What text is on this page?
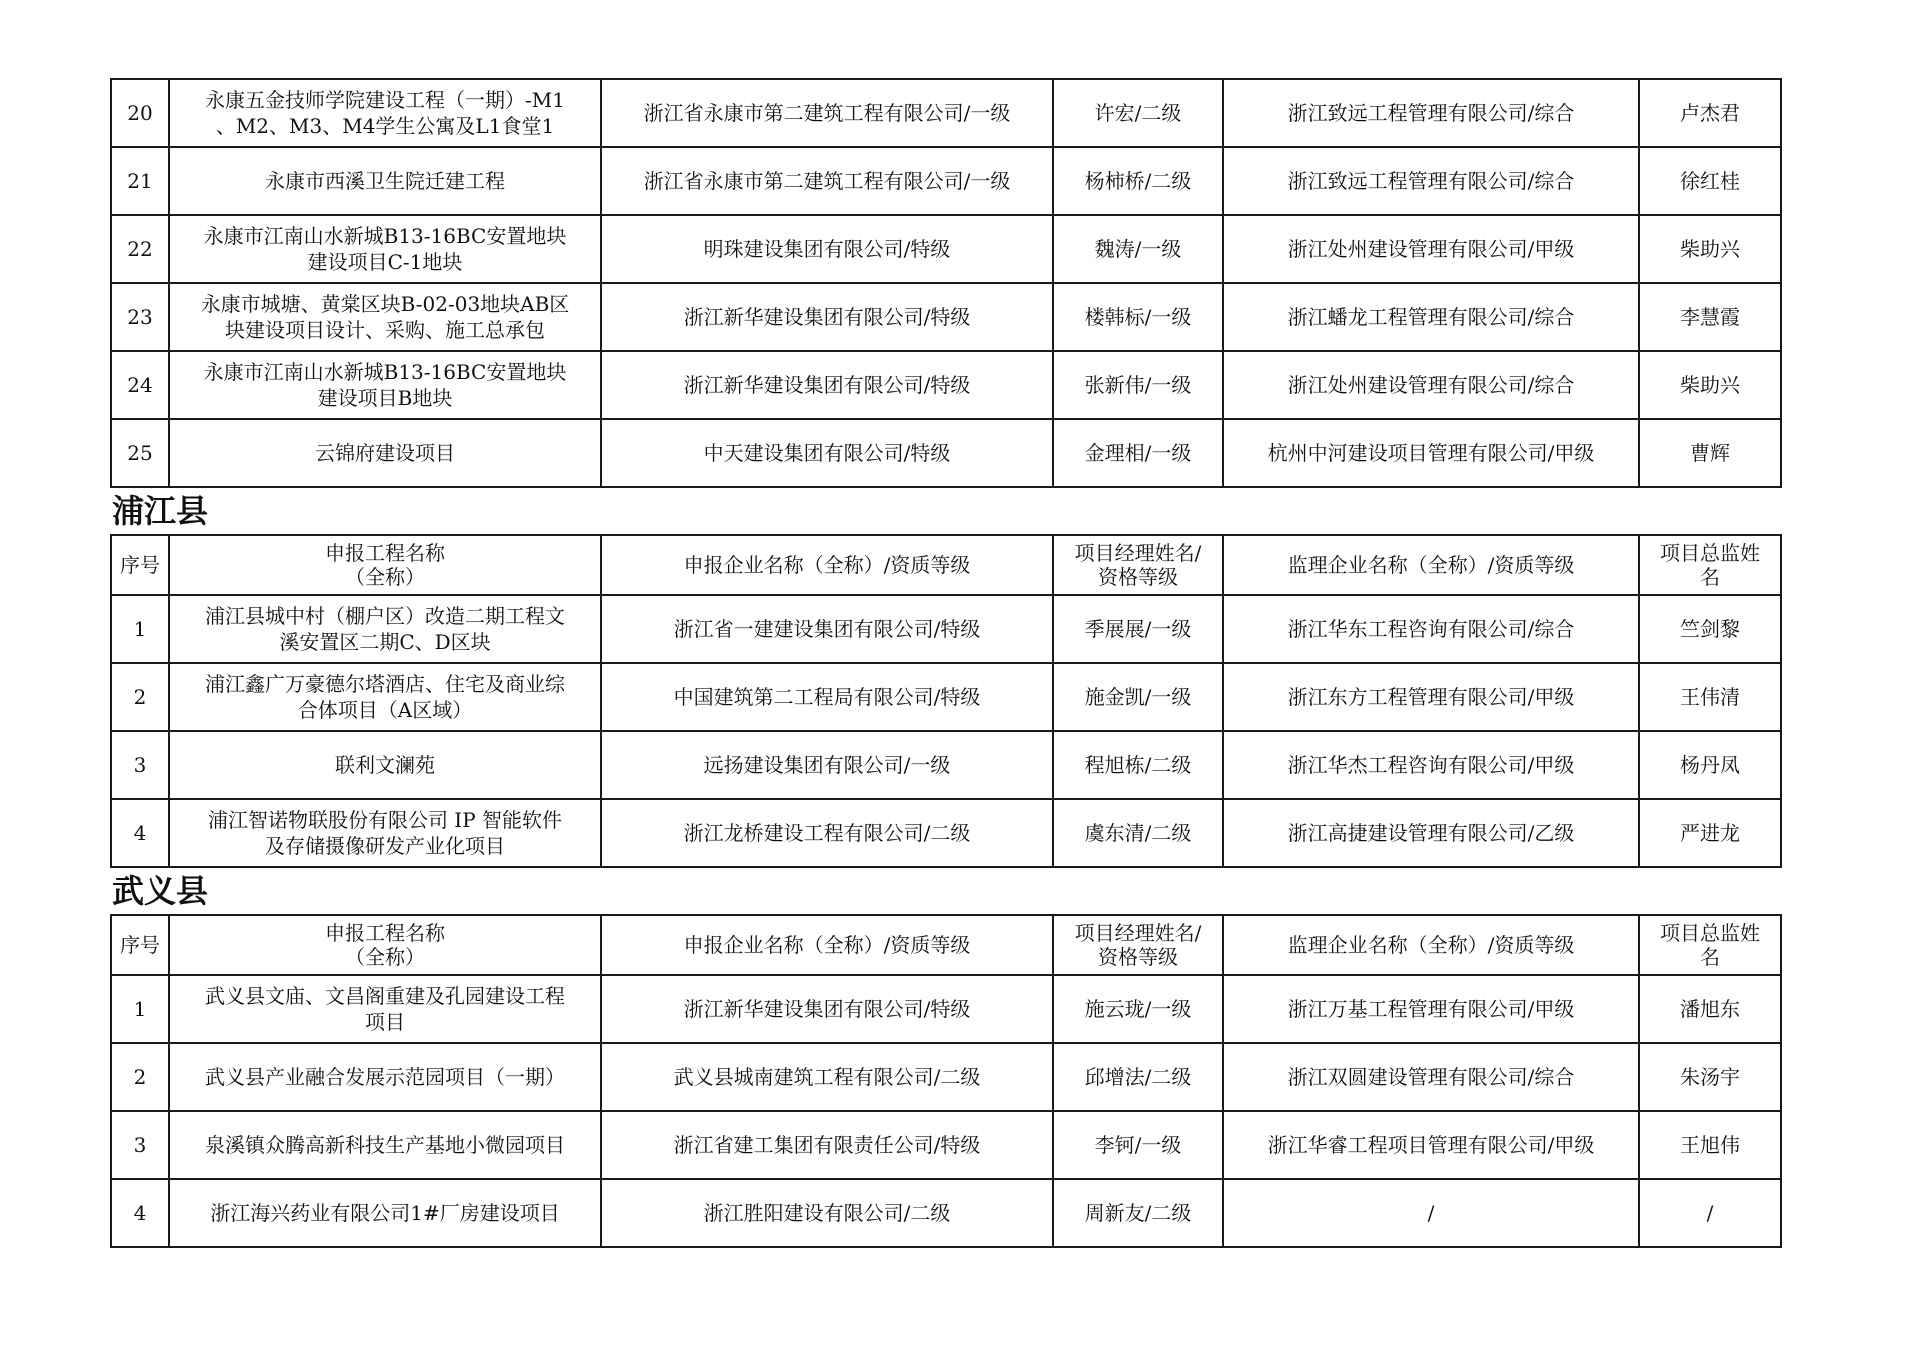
20	永康五金技师学院建设工程（一期）-M1
、M2、M3、M4学生公寓及L1食堂1	浙江省永康市第二建筑工程有限公司/一级	许宏/二级	浙江致远工程管理有限公司/综合	卢杰君
21	永康市西溪卫生院迁建工程	浙江省永康市第二建筑工程有限公司/一级	杨柿桥/二级	浙江致远工程管理有限公司/综合	徐红桂
22	永康市江南山水新城B13-16BC安置地块
建设项目C-1地块	明珠建设集团有限公司/特级	魏涛/一级	浙江处州建设管理有限公司/甲级	柴助兴
23	永康市城塘、黄棠区块B-02-03地块AB区
块建设项目设计、采购、施工总承包	浙江新华建设集团有限公司/特级	楼韩标/一级	浙江蟠龙工程管理有限公司/综合	李慧霞
24	永康市江南山水新城B13-16BC安置地块
建设项目B地块	浙江新华建设集团有限公司/特级	张新伟/一级	浙江处州建设管理有限公司/综合	柴助兴
25	云锦府建设项目	中天建设集团有限公司/特级	金理相/一级	杭州中河建设项目管理有限公司/甲级	曹辉
浦江县
序号	申报工程名称
（全称）	申报企业名称（全称）/资质等级	项目经理姓名/
资格等级	监理企业名称（全称）/资质等级	项目总监姓
名
1	浦江县城中村（棚户区）改造二期工程文
溪安置区二期C、D区块	浙江省一建建设集团有限公司/特级	季展展/一级	浙江华东工程咨询有限公司/综合	竺剑黎
2	浦江鑫广万豪德尔塔酒店、住宅及商业综
合体项目（A区域）	中国建筑第二工程局有限公司/特级	施金凯/一级	浙江东方工程管理有限公司/甲级	王伟清
3	联利文澜苑	远扬建设集团有限公司/一级	程旭栋/二级	浙江华杰工程咨询有限公司/甲级	杨丹凤
4	浦江智诺物联股份有限公司 IP 智能软件
及存储摄像研发产业化项目	浙江龙桥建设工程有限公司/二级	虞东清/二级	浙江高捷建设管理有限公司/乙级	严进龙
武义县
序号	申报工程名称
（全称）	申报企业名称（全称）/资质等级	项目经理姓名/
资格等级	监理企业名称（全称）/资质等级	项目总监姓
名
1	武义县文庙、文昌阁重建及孔园建设工程
项目	浙江新华建设集团有限公司/特级	施云珑/一级	浙江万基工程管理有限公司/甲级	潘旭东
2	武义县产业融合发展示范园项目（一期）	武义县城南建筑工程有限公司/二级	邱增法/二级	浙江双圆建设管理有限公司/综合	朱汤宇
3	泉溪镇众腾高新科技生产基地小微园项目	浙江省建工集团有限责任公司/特级	李钶/一级	浙江华睿工程项目管理有限公司/甲级	王旭伟
4	浙江海兴药业有限公司1#厂房建设项目	浙江胜阳建设有限公司/二级	周新友/二级	/	/
